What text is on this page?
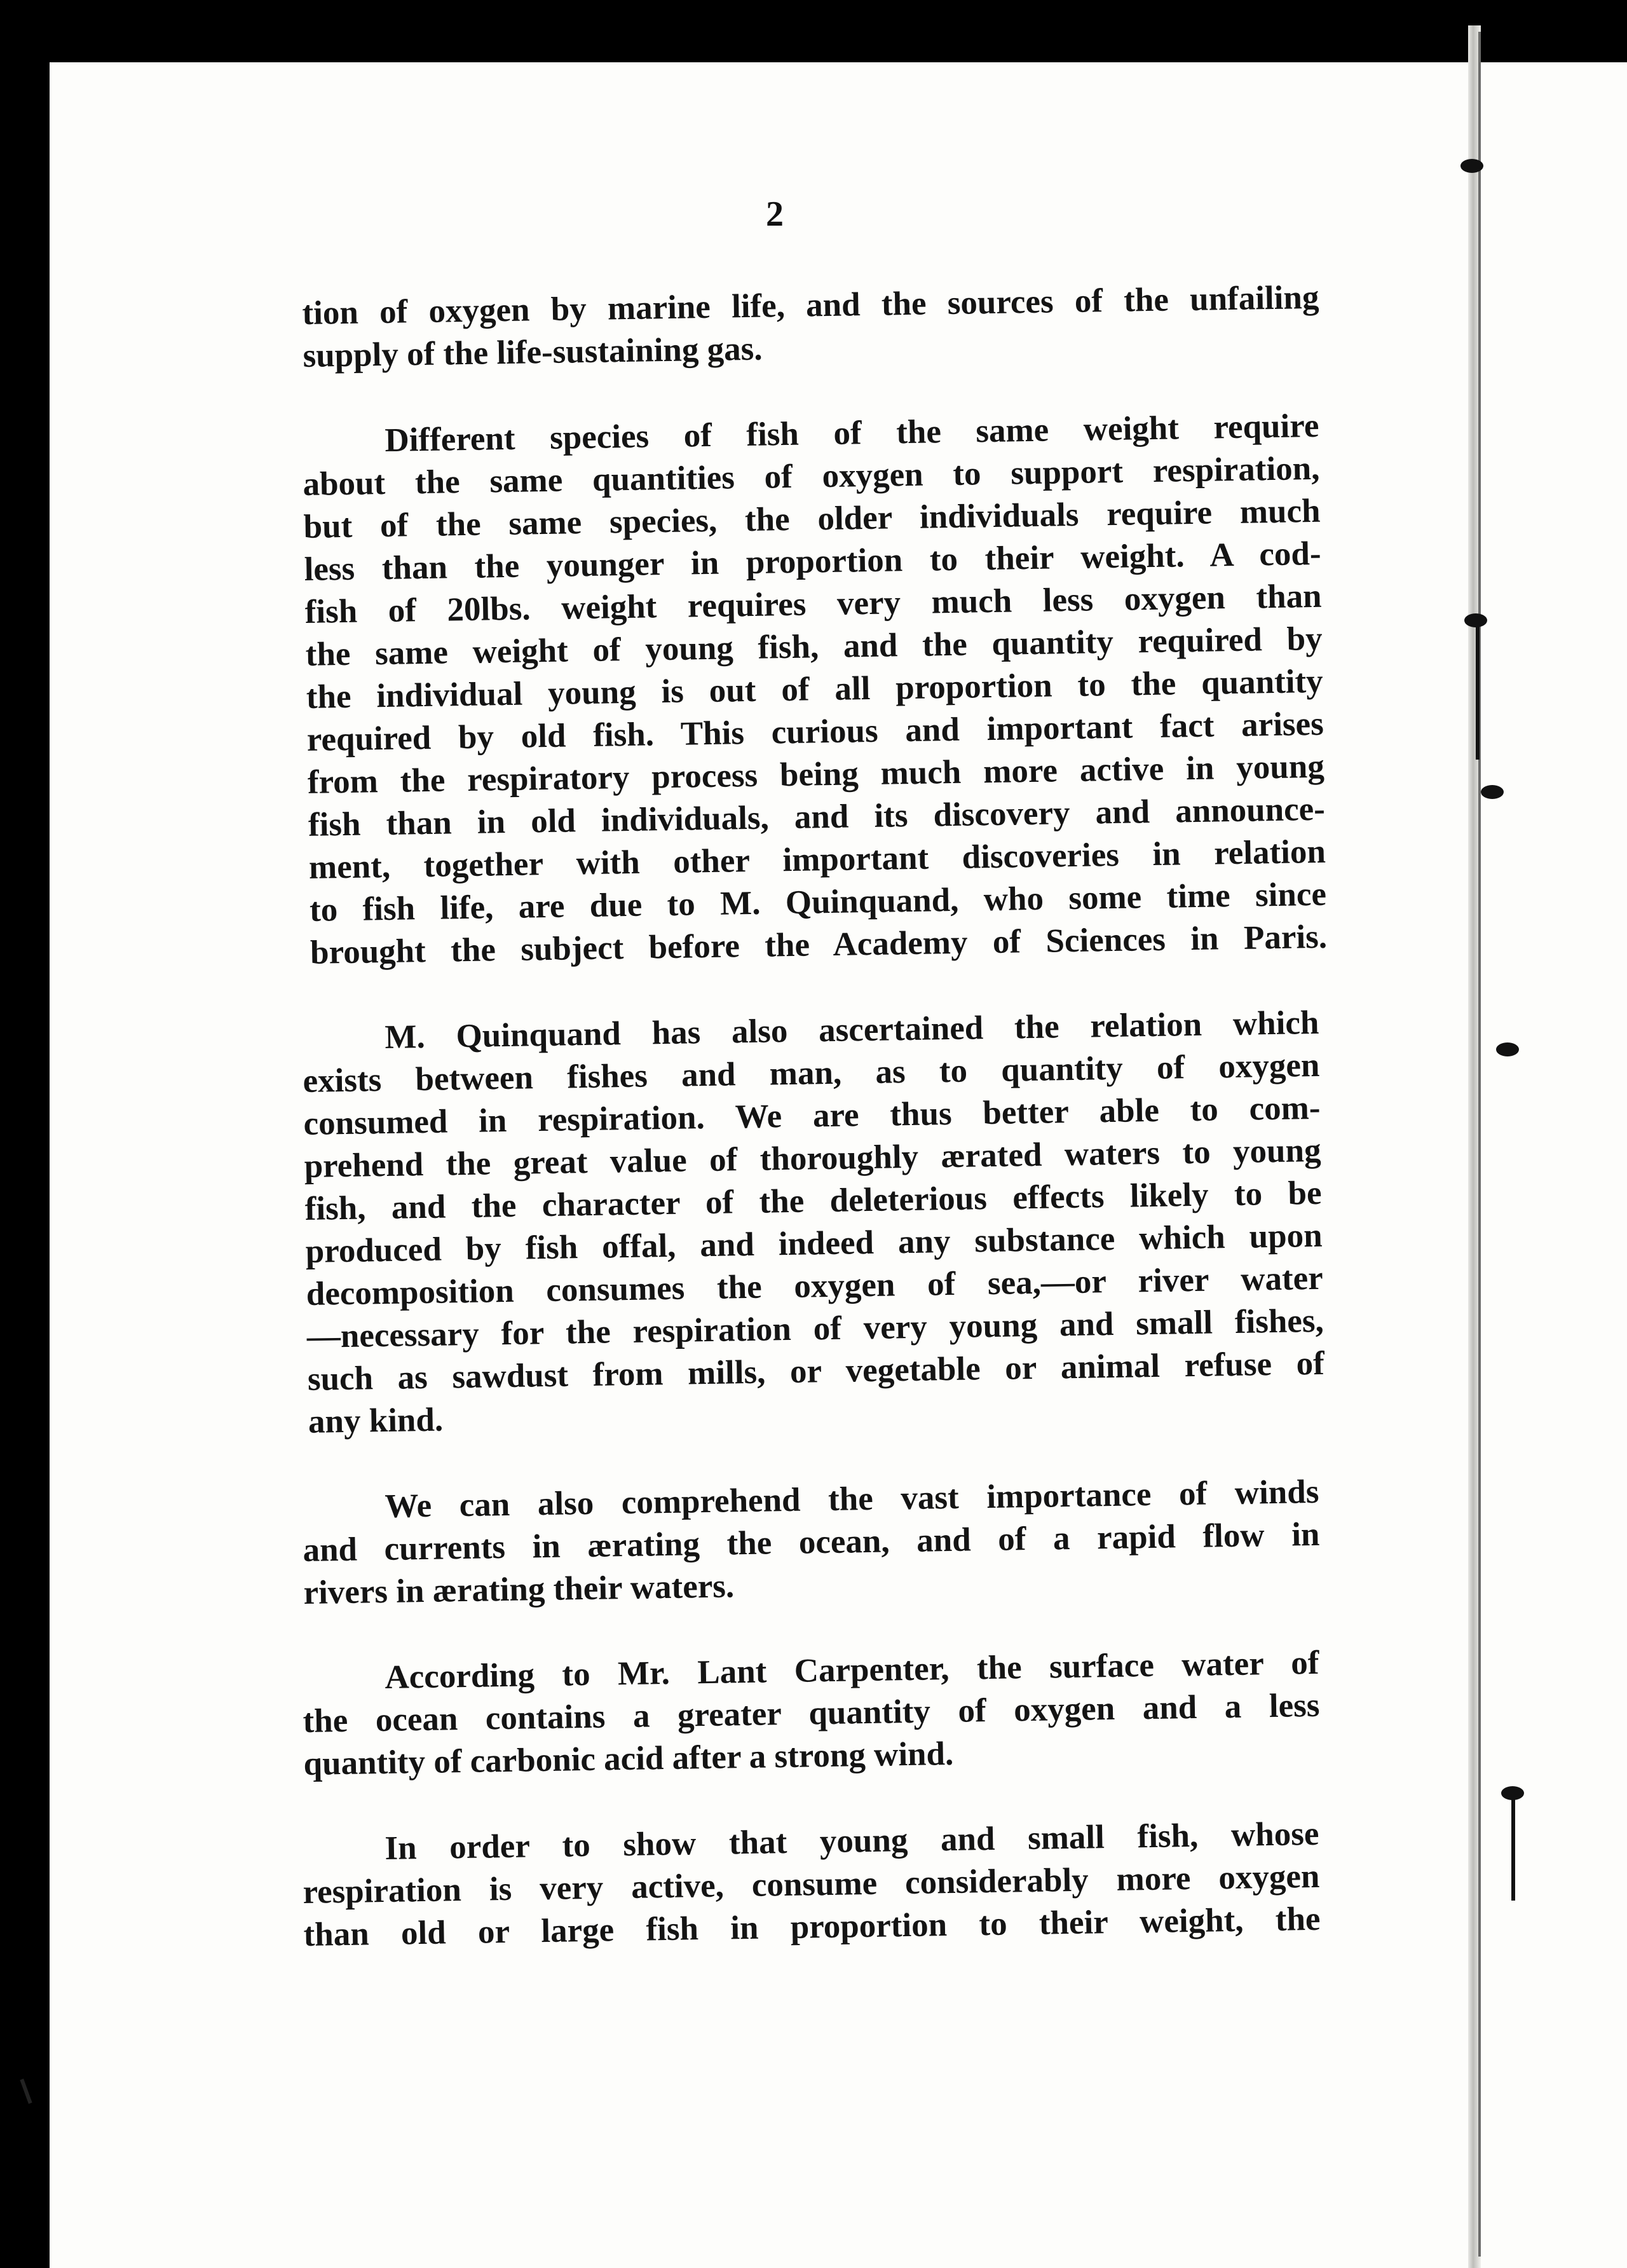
2

tion of oxygen by marine life, and the sources of the unfailing
supply of the life-sustaining gas.

Different species of fish of the same weight require
about the same quantities of oxygen to support respiration,
but of the same species, the older individuals require much
less than the younger in proportion to their weight. A cod-
fish of 20lbs. weight requires very much less oxygen than
the same weight of young fish, and the quantity required by
the individual young is out of all proportion to the quantity
required by old fish. This curious and important fact arises
from the respiratory process being much more active in young
fish than in old individuals, and its discovery and announce-
ment, together with other important discoveries in relation
to fish life, are due to M. Quinquand, who some time since
brought the subject before the Academy of Sciences in Paris.

M. Quinquand has also ascertained the relation which
exists between fishes and man, as to quantity of oxygen
consumed in respiration. We are thus better able to com-
prehend the great value of thoroughly ærated waters to young
fish, and the character of the deleterious effects likely to be
produced by fish offal, and indeed any substance which upon
decomposition consumes the oxygen of sea,—or river water
—necessary for the respiration of very young and small fishes,
such as sawdust from mills, or vegetable or animal refuse of
any kind.

We can also comprehend the vast importance of winds
and currents in ærating the ocean, and of a rapid flow in
rivers in ærating their waters.

According to Mr. Lant Carpenter, the surface water of
the ocean contains a greater quantity of oxygen and a less
quantity of carbonic acid after a strong wind.

In order to show that young and small fish, whose
respiration is very active, consume considerably more oxygen
than old or large fish in proportion to their weight, the
